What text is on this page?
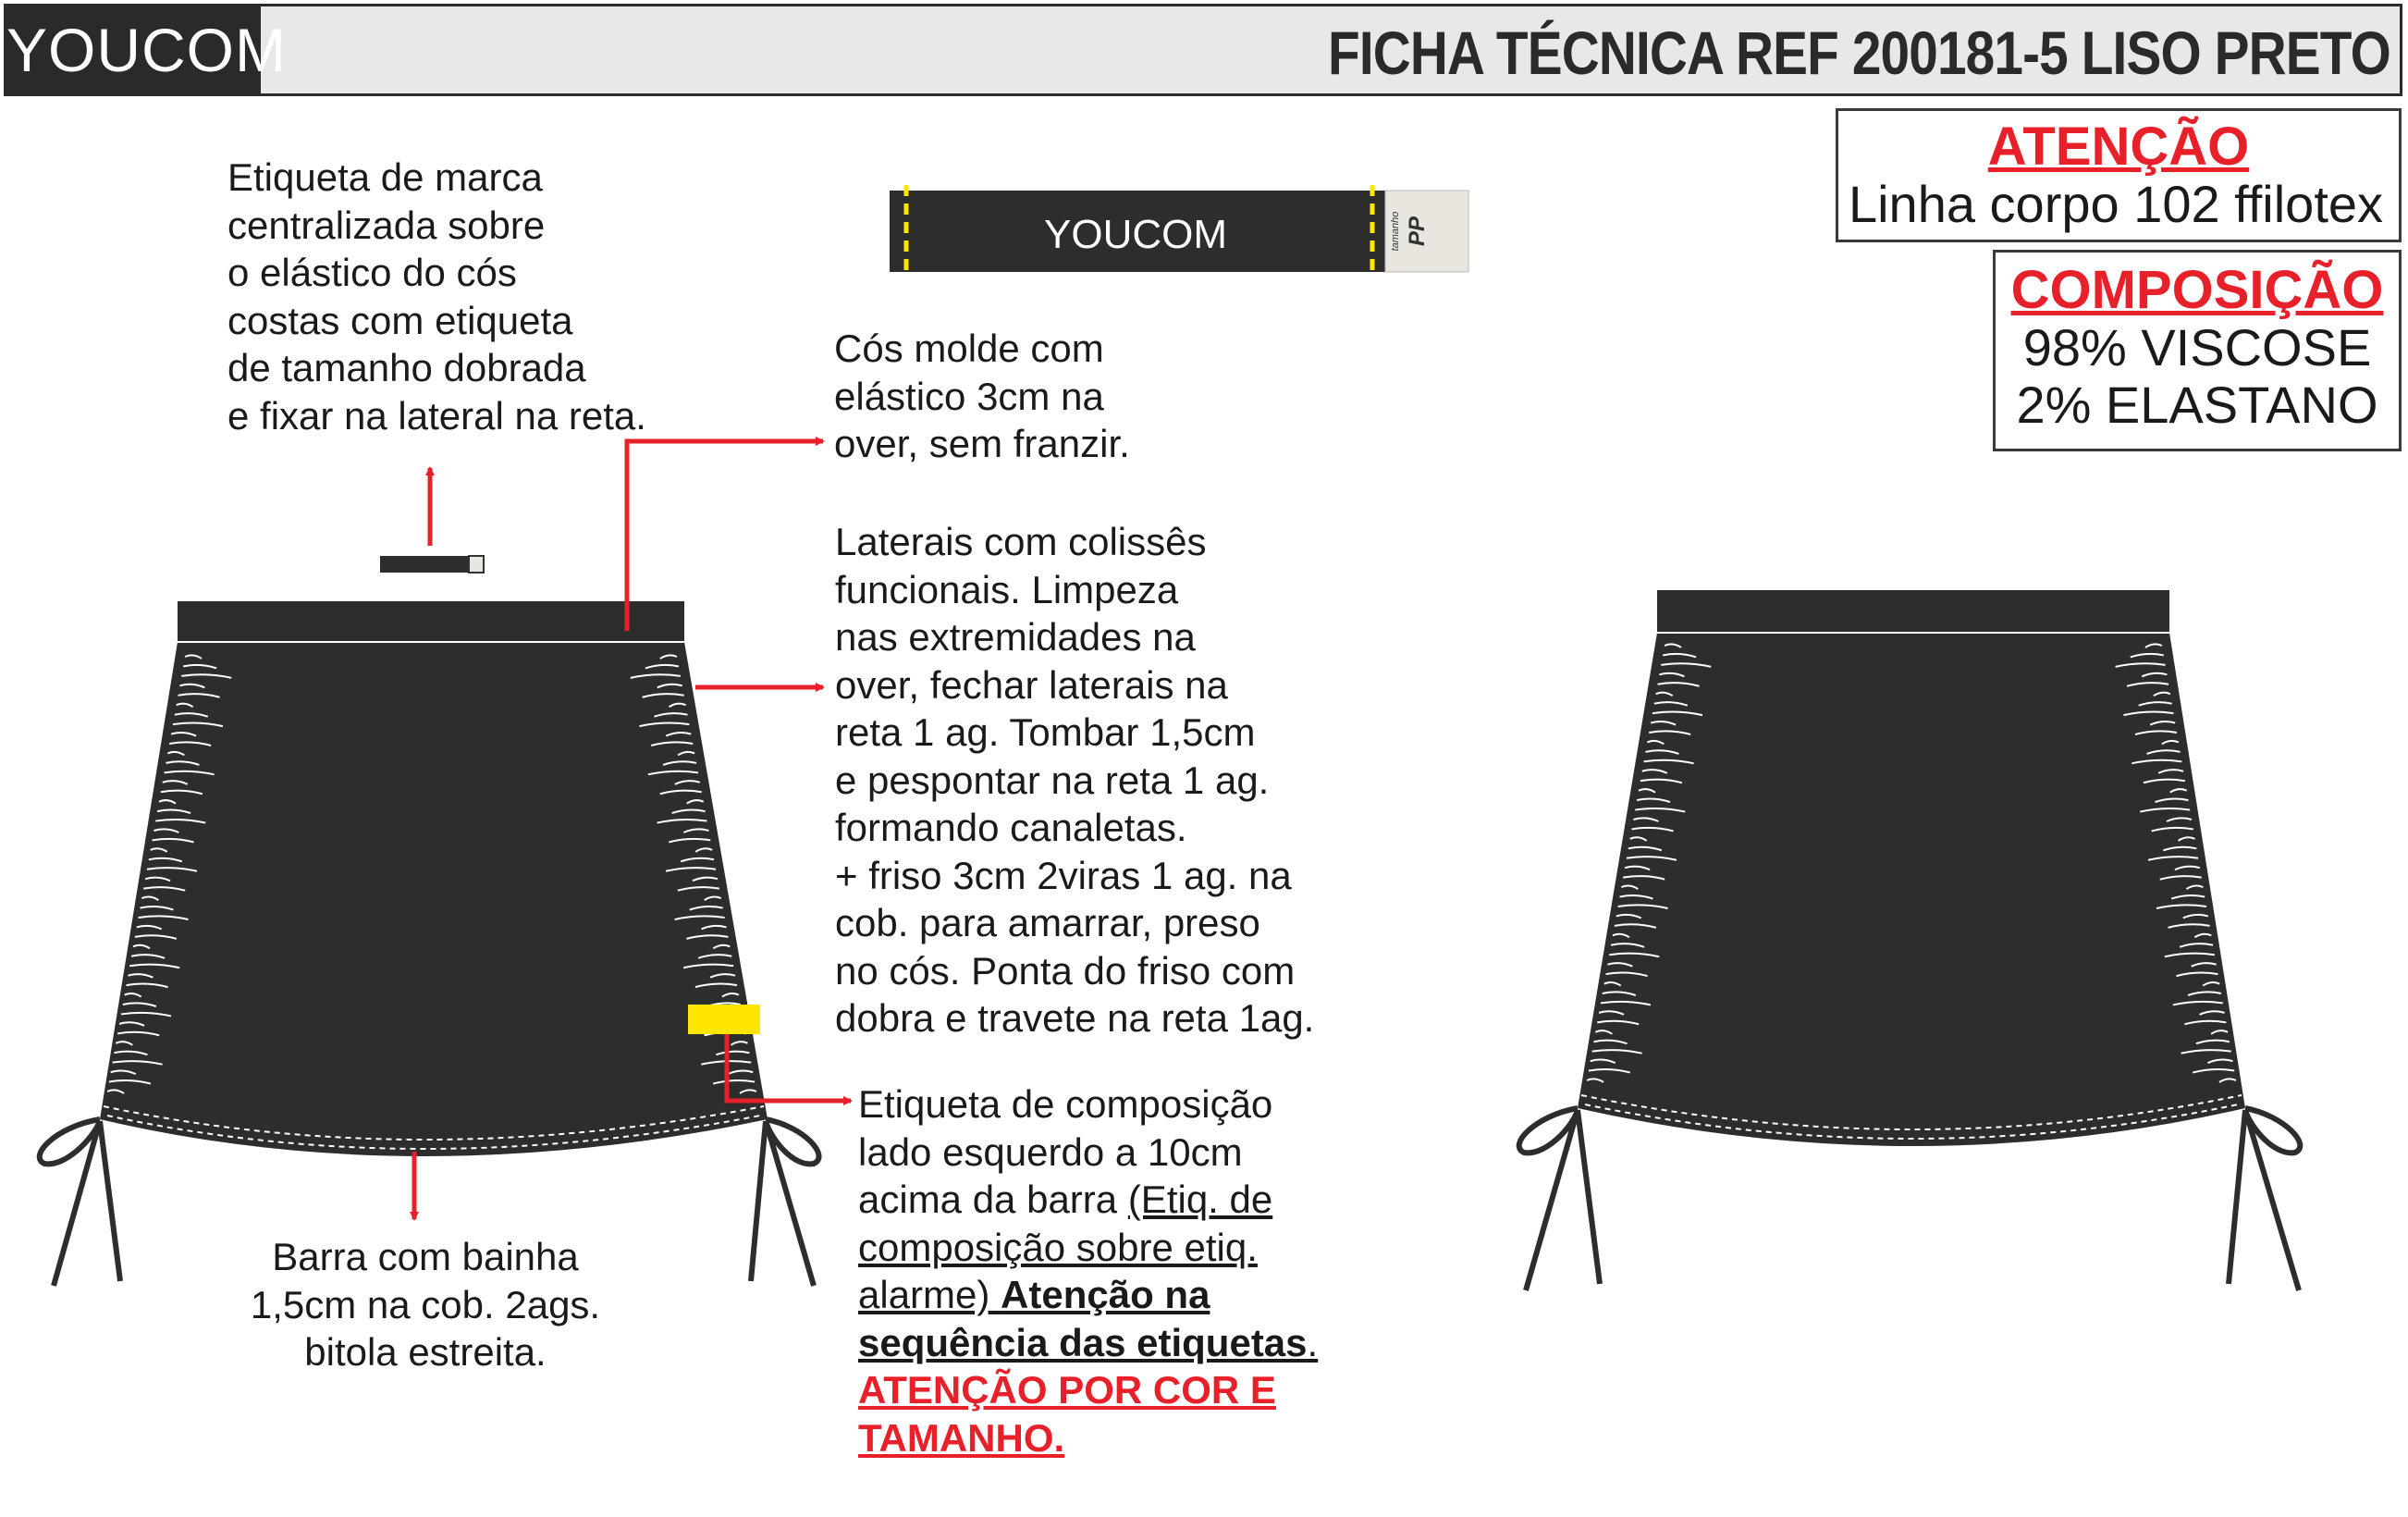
YOUCOM	FICHA TÉCNICA REF 200181-5 LISO PRETO
ATENÇÃO
Linha corpo 102 ffilotex
COMPOSIÇÃO
98% VISCOSE
2% ELASTANO
YOUCOM	tamanho PP
Etiqueta de marca
centralizada sobre
o elástico do cós
costas com etiqueta
de tamanho dobrada
e fixar na lateral na reta.
Cós molde com
elástico 3cm na
over, sem franzir.
Laterais com colissês
funcionais. Limpeza
nas extremidades na
over, fechar laterais na
reta 1 ag. Tombar 1,5cm
e pespontar na reta 1 ag.
formando canaletas.
+ friso 3cm 2viras 1 ag. na
cob. para amarrar, preso
no cós. Ponta do friso com
dobra e travete na reta 1ag.
Barra com bainha
1,5cm na cob. 2ags.
bitola estreita.
Etiqueta de composição
lado esquerdo a 10cm
acima da barra (Etiq. de
composição sobre etiq.
alarme) Atenção na
sequência das etiquetas.
ATENÇÃO POR COR E
TAMANHO.
